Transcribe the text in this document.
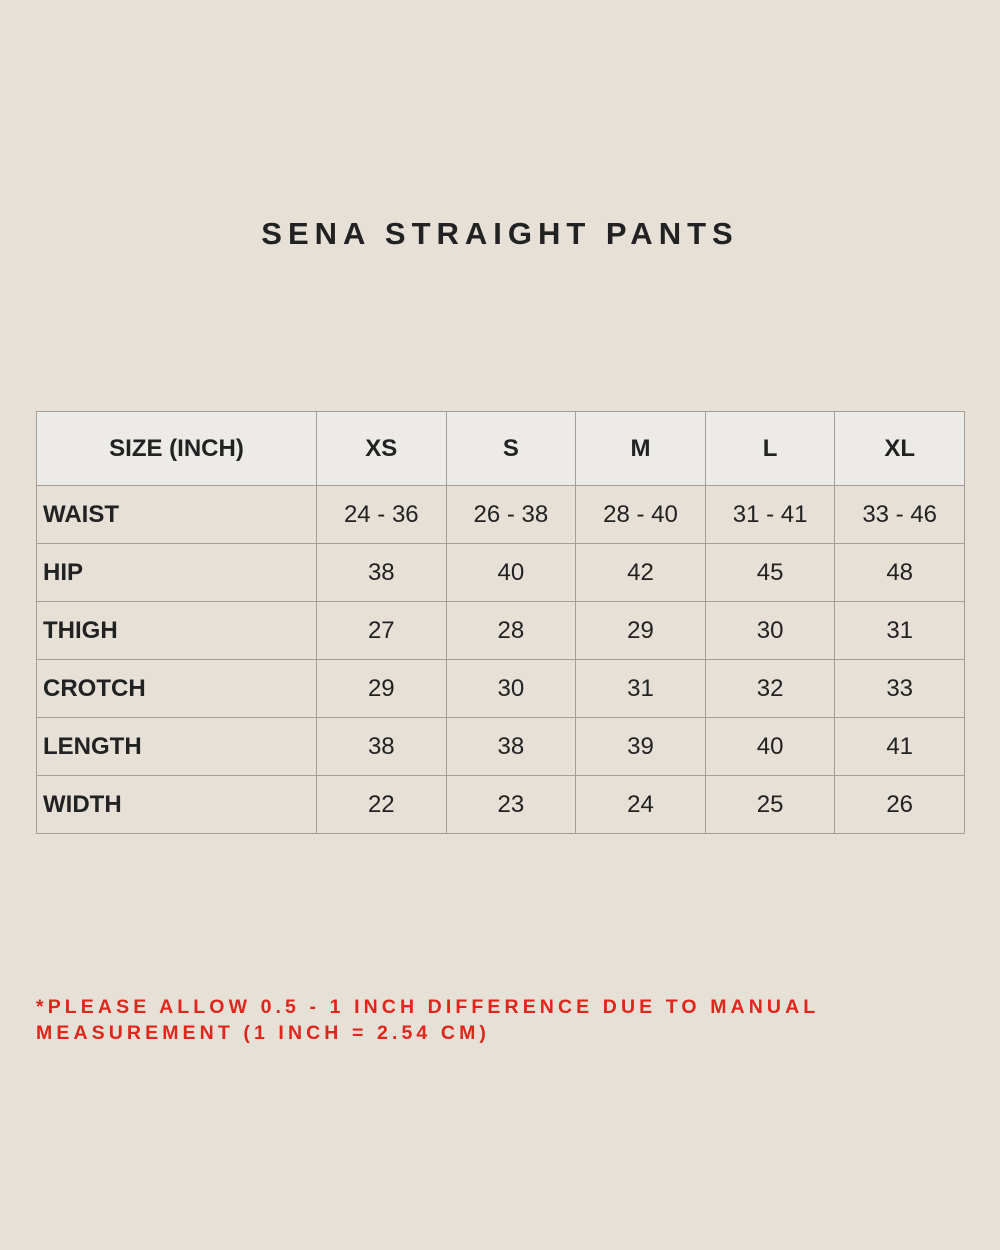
SENA STRAIGHT PANTS
SIZE (INCH)	XS	S	M	L	XL
WAIST	24 - 36	26 - 38	28 - 40	31 - 41	33 - 46
HIP	38	40	42	45	48
THIGH	27	28	29	30	31
CROTCH	29	30	31	32	33
LENGTH	38	38	39	40	41
WIDTH	22	23	24	25	26
*PLEASE ALLOW 0.5 - 1 INCH DIFFERENCE DUE TO MANUAL
MEASUREMENT (1 INCH = 2.54 CM)
